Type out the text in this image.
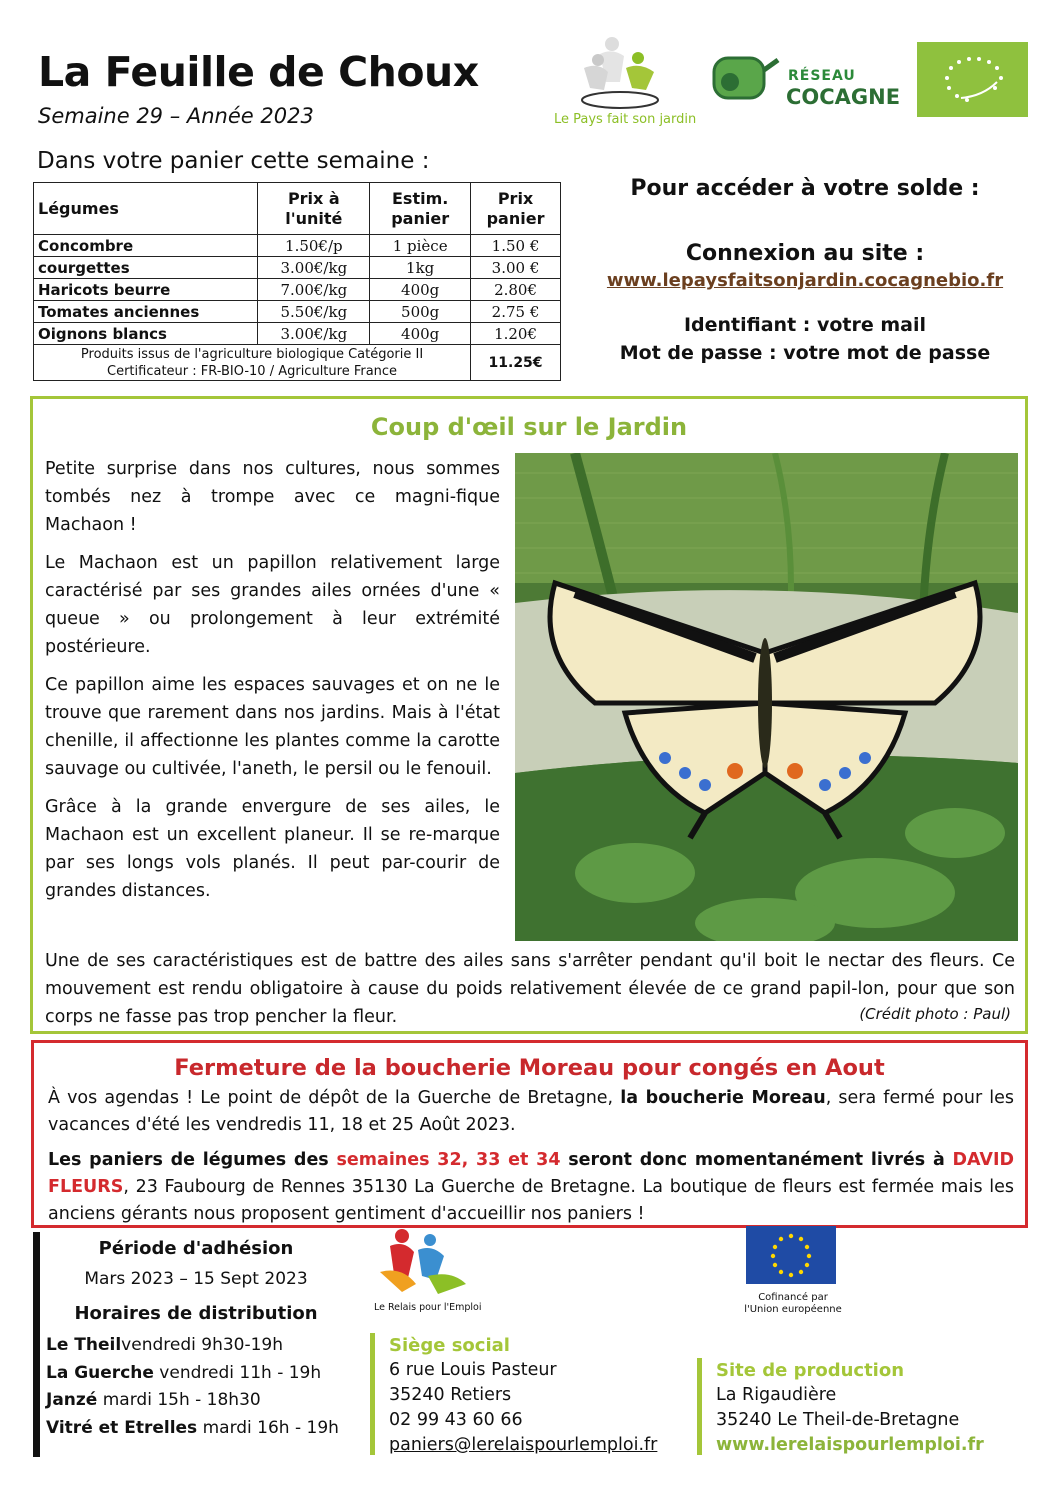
La Feuille de Choux
Semaine 29 – Année 2023	Le Pays fait son jardin
RÉSEAU
COCAGNE
Dans votre panier cette semaine :
Légumes	Prix à l'unité	Estim. panier	Prix panier
Concombre	1.50€/p	1 pièce	1.50 €
courgettes	3.00€/kg	1kg	3.00 €
Haricots beurre	7.00€/kg	400g	2.80€
Tomates anciennes	5.50€/kg	500g	2.75 €
Oignons blancs	3.00€/kg	400g	1.20€

Produits issus de l'agriculture biologique Catégorie II
Certificateur : FR-BIO-10 / Agriculture France			11.25€
Pour accéder à votre solde :
Connexion au site :
www.lepaysfaitsonjardin.cocagnebio.fr
Identifiant : votre mail
Mot de passe : votre mot de passe
Coup d'œil sur le Jardin

Petite surprise dans nos cultures, nous sommes tombés nez à trompe avec ce magni-fique Machaon !

Le Machaon est un papillon relativement large caractérisé par ses grandes ailes ornées d'une « queue » ou prolongement à leur extrémité postérieure.

Ce papillon aime les espaces sauvages et on ne le trouve que rarement dans nos jardins. Mais à l'état chenille, il affectionne les plantes comme la carotte sauvage ou cultivée, l'aneth, le persil ou le fenouil.

Grâce à la grande envergure de ses ailes, le Machaon est un excellent planeur. Il se re-marque par ses longs vols planés. Il peut par-courir de grandes distances.

Une de ses caractéristiques est de battre des ailes sans s'arrêter pendant qu'il boit le nectar des fleurs. Ce mouvement est rendu obligatoire à cause du poids relativement élevée de ce grand papil-lon, pour que son corps ne fasse pas trop pencher la fleur.	(Crédit photo : Paul)
Fermeture de la boucherie Moreau pour congés en Aout

À vos agendas ! Le point de dépôt de la Guerche de Bretagne, la boucherie Moreau, sera fermé pour les vacances d'été les vendredis 11, 18 et 25 Août 2023.

Les paniers de légumes des semaines 32, 33 et 34 seront donc momentanément livrés à DAVID FLEURS, 23 Faubourg de Rennes 35130 La Guerche de Bretagne. La boutique de fleurs est fermée mais les anciens gérants nous proposent gentiment d'accueillir nos paniers !

Période d'adhésion
Mars 2023 – 15 Sept 2023
Horaires de distribution
Le Theilvendredi 9h30-19h
La Guerche vendredi 11h - 19h
Janzé mardi 15h - 18h30
Vitré et Etrelles mardi 16h - 19h
Le Relais pour l'Emploi
Cofinancé par
l'Union européenne
Siège social
6 rue Louis Pasteur
35240 Retiers
02 99 43 60 66
paniers@lerelaispourlemploi.fr
Site de production
La Rigaudière
35240 Le Theil-de-Bretagne
www.lerelaispourlemploi.fr
